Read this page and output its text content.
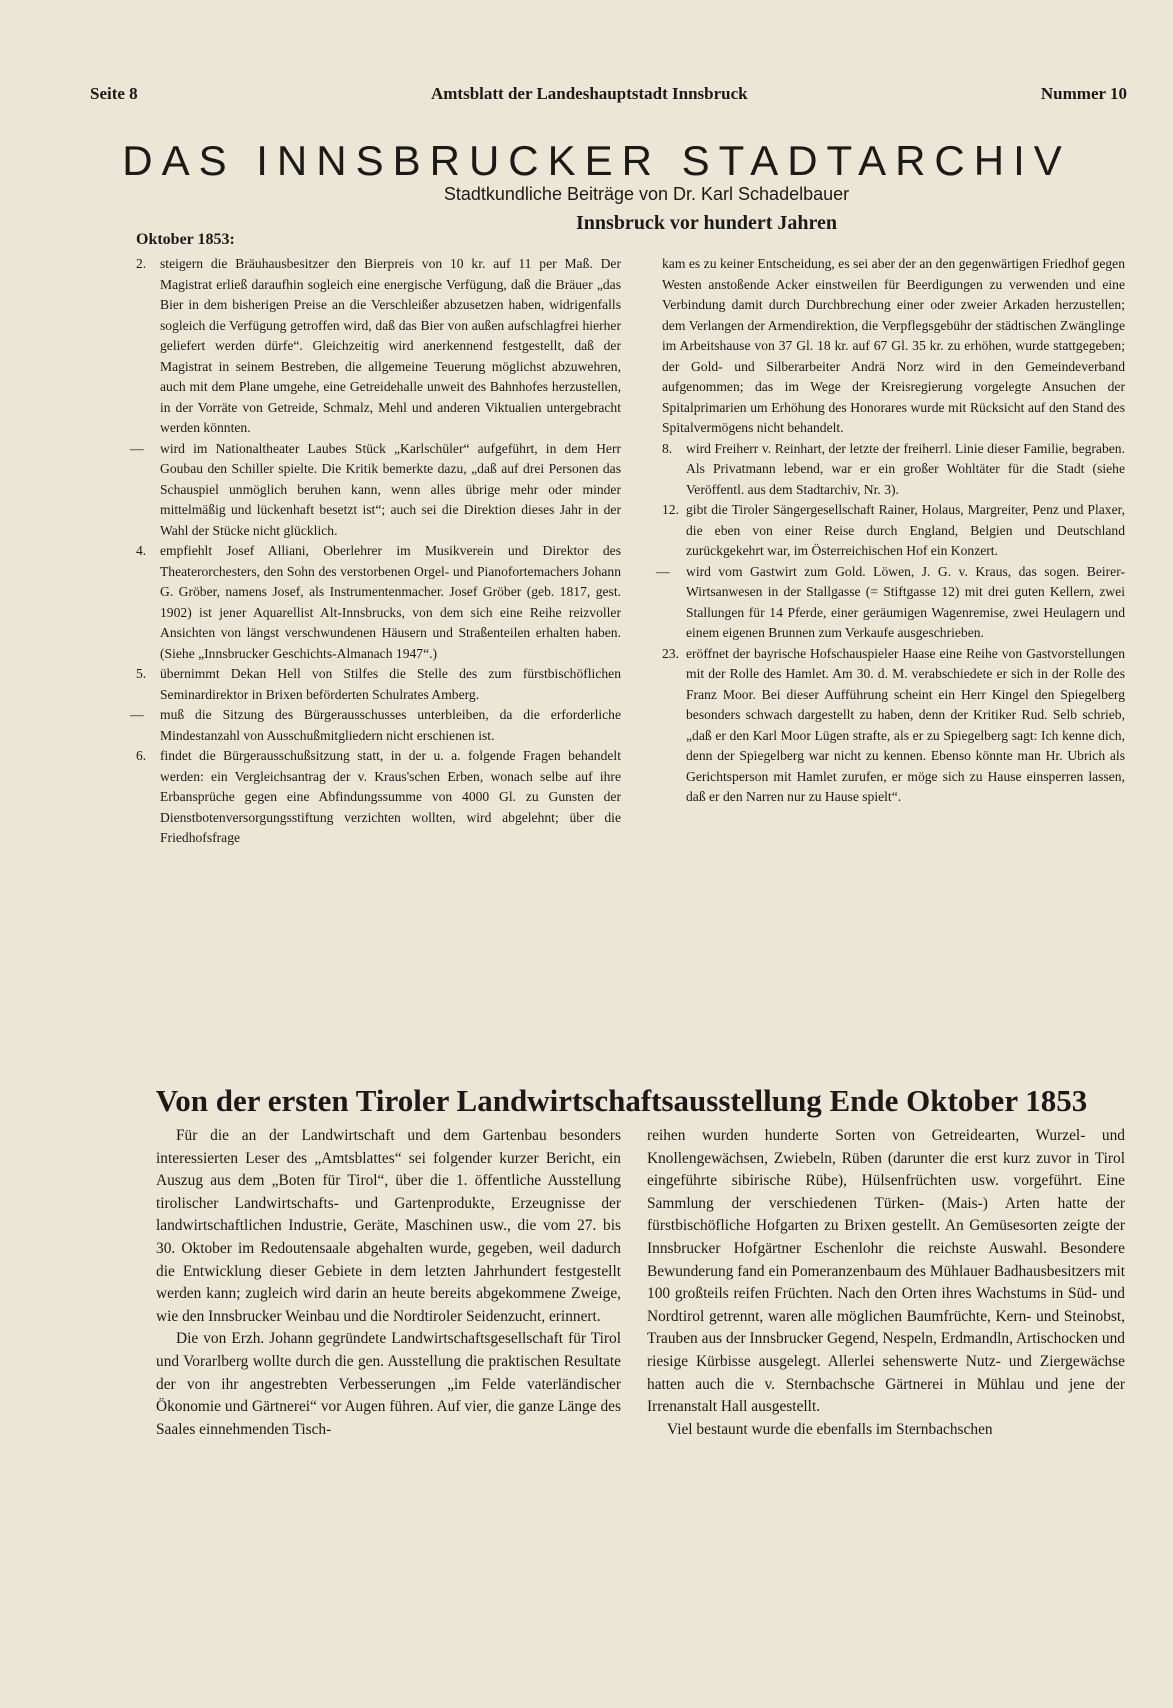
Seite 8	Amtsblatt der Landeshauptstadt Innsbruck	Nummer 10
DAS INNSBRUCKER STADTARCHIV
Stadtkundliche Beiträge von Dr. Karl Schadelbauer
Innsbruck vor hundert Jahren
Oktober 1853:

2.	steigern die Bräuhausbesitzer den Bierpreis von 10 kr. auf 11 per Maß. Der Magistrat erließ daraufhin sogleich eine energische Verfügung, daß die Bräuer „das Bier in dem bisherigen Preise an die Verschleißer abzusetzen haben, widrigenfalls sogleich die Verfügung getroffen wird, daß das Bier von außen aufschlagfrei hierher geliefert werden dürfe“. Gleichzeitig wird anerkennend festgestellt, daß der Magistrat in seinem Bestreben, die allgemeine Teuerung möglichst abzuwehren, auch mit dem Plane umgehe, eine Getreidehalle unweit des Bahnhofes herzustellen, in der Vorräte von Getreide, Schmalz, Mehl und anderen Viktualien untergebracht werden könnten.

—	wird im Nationaltheater Laubes Stück „Karlschüler“ aufgeführt, in dem Herr Goubau den Schiller spielte. Die Kritik bemerkte dazu, „daß auf drei Personen das Schauspiel unmöglich beruhen kann, wenn alles übrige mehr oder minder mittelmäßig und lückenhaft besetzt ist“; auch sei die Direktion dieses Jahr in der Wahl der Stücke nicht glücklich.

4.	empfiehlt Josef Alliani, Oberlehrer im Musikverein und Direktor des Theaterorchesters, den Sohn des verstorbenen Orgel- und Pianofortemachers Johann G. Gröber, namens Josef, als Instrumentenmacher. Josef Gröber (geb. 1817, gest. 1902) ist jener Aquarellist Alt-Innsbrucks, von dem sich eine Reihe reizvoller Ansichten von längst verschwundenen Häusern und Straßenteilen erhalten haben. (Siehe „Innsbrucker Geschichts-Almanach 1947“.)

5.	übernimmt Dekan Hell von Stilfes die Stelle des zum fürstbischöflichen Seminardirektor in Brixen beförderten Schulrates Amberg.

—	muß die Sitzung des Bürgerausschusses unterbleiben, da die erforderliche Mindestanzahl von Ausschußmitgliedern nicht erschienen ist.

6.	findet die Bürgerausschußsitzung statt, in der u. a. folgende Fragen behandelt werden: ein Vergleichsantrag der v. Kraus'schen Erben, wonach selbe auf ihre Erbansprüche gegen eine Abfindungssumme von 4000 Gl. zu Gunsten der Dienstbotenversorgungsstiftung verzichten wollten, wird abgelehnt; über die Friedhofsfrage

kam es zu keiner Entscheidung, es sei aber der an den gegenwärtigen Friedhof gegen Westen anstoßende Acker einstweilen für Beerdigungen zu verwenden und eine Verbindung damit durch Durchbrechung einer oder zweier Arkaden herzustellen; dem Verlangen der Armendirektion, die Verpflegsgebühr der städtischen Zwänglinge im Arbeitshause von 37 Gl. 18 kr. auf 67 Gl. 35 kr. zu erhöhen, wurde stattgegeben; der Gold- und Silberarbeiter Andrä Norz wird in den Gemeindeverband aufgenommen; das im Wege der Kreisregierung vorgelegte Ansuchen der Spitalprimarien um Erhöhung des Honorares wurde mit Rücksicht auf den Stand des Spitalvermögens nicht behandelt.

8.	wird Freiherr v. Reinhart, der letzte der freiherrl. Linie dieser Familie, begraben. Als Privatmann lebend, war er ein großer Wohltäter für die Stadt (siehe Veröffentl. aus dem Stadtarchiv, Nr. 3).

12. gibt die Tiroler Sängergesellschaft Rainer, Holaus, Margreiter, Penz und Plaxer, die eben von einer Reise durch England, Belgien und Deutschland zurückgekehrt war, im Österreichischen Hof ein Konzert.

—	wird vom Gastwirt zum Gold. Löwen, J. G. v. Kraus, das sogen. Beirer-Wirtsanwesen in der Stallgasse (= Stiftgasse 12) mit drei guten Kellern, zwei Stallungen für 14 Pferde, einer geräumigen Wagenremise, zwei Heulagern und einem eigenen Brunnen zum Verkaufe ausgeschrieben.

23. eröffnet der bayrische Hofschauspieler Haase eine Reihe von Gastvorstellungen mit der Rolle des Hamlet. Am 30. d. M. verabschiedete er sich in der Rolle des Franz Moor. Bei dieser Aufführung scheint ein Herr Kingel den Spiegelberg besonders schwach dargestellt zu haben, denn der Kritiker Rud. Selb schrieb, „daß er den Karl Moor Lügen strafte, als er zu Spiegelberg sagt: Ich kenne dich, denn der Spiegelberg war nicht zu kennen. Ebenso könnte man Hr. Ubrich als Gerichtsperson mit Hamlet zurufen, er möge sich zu Hause einsperren lassen, daß er den Narren nur zu Hause spielt“.

Von der ersten Tiroler Landwirtschaftsausstellung Ende Oktober 1853

Für die an der Landwirtschaft und dem Gartenbau besonders interessierten Leser des „Amtsblattes“ sei folgender kurzer Bericht, ein Auszug aus dem „Boten für Tirol“, über die 1. öffentliche Ausstellung tirolischer Landwirtschafts- und Gartenprodukte, Erzeugnisse der landwirtschaftlichen Industrie, Geräte, Maschinen usw., die vom 27. bis 30. Oktober im Redoutensaale abgehalten wurde, gegeben, weil dadurch die Entwicklung dieser Gebiete in dem letzten Jahrhundert festgestellt werden kann; zugleich wird darin an heute bereits abgekommene Zweige, wie den Innsbrucker Weinbau und die Nordtiroler Seidenzucht, erinnert.

Die von Erzh. Johann gegründete Landwirtschaftsgesellschaft für Tirol und Vorarlberg wollte durch die gen. Ausstellung die praktischen Resultate der von ihr angestrebten Verbesserungen „im Felde vaterländischer Ökonomie und Gärtnerei“ vor Augen führen. Auf vier, die ganze Länge des Saales einnehmenden Tisch-

reihen wurden hunderte Sorten von Getreidearten, Wurzel- und Knollengewächsen, Zwiebeln, Rüben (darunter die erst kurz zuvor in Tirol eingeführte sibirische Rübe), Hülsenfrüchten usw. vorgeführt. Eine Sammlung der verschiedenen Türken- (Mais-) Arten hatte der fürstbischöfliche Hofgarten zu Brixen gestellt. An Gemüsesorten zeigte der Innsbrucker Hofgärtner Eschenlohr die reichste Auswahl. Besondere Bewunderung fand ein Pomeranzenbaum des Mühlauer Badhausbesitzers mit 100 großteils reifen Früchten. Nach den Orten ihres Wachstums in Süd- und Nordtirol getrennt, waren alle möglichen Baumfrüchte, Kern- und Steinobst, Trauben aus der Innsbrucker Gegend, Nespeln, Erdmandln, Artischocken und riesige Kürbisse ausgelegt. Allerlei sehenswerte Nutz- und Ziergewächse hatten auch die v. Sternbachsche Gärtnerei in Mühlau und jene der Irrenanstalt Hall ausgestellt.

Viel bestaunt wurde die ebenfalls im Sternbachschen
